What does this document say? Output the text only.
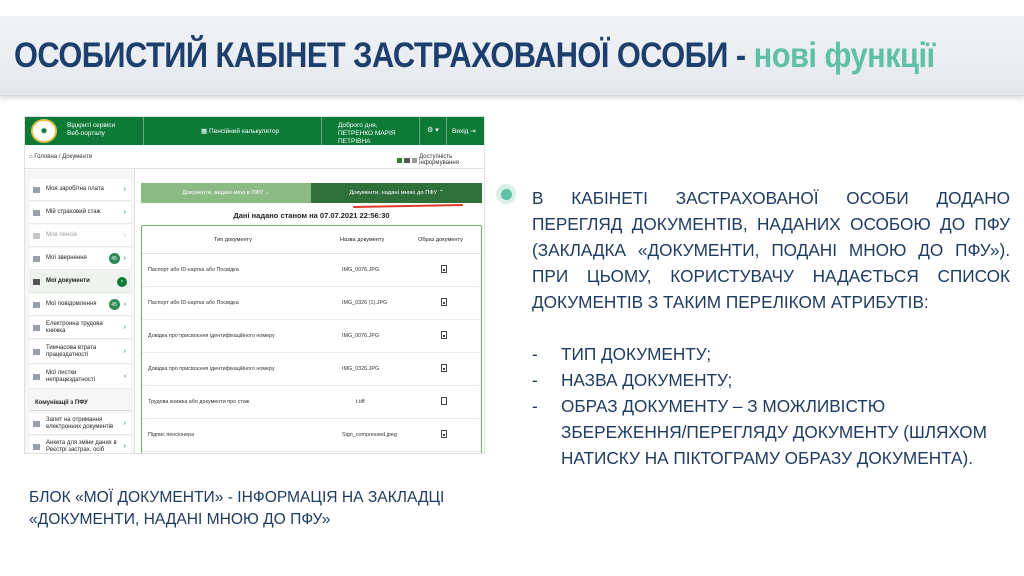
ОСОБИСТИЙ КАБІНЕТ ЗАСТРАХОВАНОЇ ОСОБИ - нові функції
✹	Відкриті сервіси
Веб-порталу	▦ Пенсійний калькулятор
Доброго дня,
ПЕТРЕНКО МАРІЯ ПЕТРІВНА
⚙ ▾ Вихід ⇥
⌂ Головна / Документи	Доступність інформування
Моя заробітна плата	›
Мій страховий стаж	›
Моя пенсія	›
Мої звернення	45 ›
Мої документи	›
Мої повідомлення	45 ›
Електронна трудова книжка	›
Тимчасова втрата працездатності	›
Мої листки непрацездатності	›
Комунікації з ПФУ
Запит на отримання електронних документів	›
Анкета для зміни даних в Реєстрі застрах. осіб	›
Документи, видані мені в ПФУ
⌄	Документи, надані мною до ПФУ
⌃
Дані надано станом на 07.07.2021 22:56:30
Тип документу	Назва документу	Образ документу
Паспорт або ID-картка або Посвідка	IMG_0076.JPG
Паспорт або ID-картка або Посвідка	IMG_0326 (1).JPG
Довідка про присвоєння ідентифікаційного номеру	IMG_0076.JPG
Довідка про присвоєння ідентифікаційного номеру	IMG_0326.JPG
Трудова книжка або документи про стаж	t.tiff
Підпис пенсіонера	Sign_compressed.jpeg

В КАБІНЕТІ ЗАСТРАХОВАНОЇ ОСОБИ ДОДАНО

ПЕРЕГЛЯД ДОКУМЕНТІВ, НАДАНИХ ОСОБОЮ ДО ПФУ

(ЗАКЛАДКА «ДОКУМЕНТИ, ПОДАНІ МНОЮ ДО ПФУ»).

ПРИ ЦЬОМУ, КОРИСТУВАЧУ НАДАЄТЬСЯ СПИСОК

ДОКУМЕНТІВ З ТАКИМ ПЕРЕЛІКОМ АТРИБУТІВ:

- ТИП ДОКУМЕНТУ;
- НАЗВА ДОКУМЕНТУ;
- ОБРАЗ ДОКУМЕНТУ – З МОЖЛИВІСТЮ ЗБЕРЕЖЕННЯ/ПЕРЕГЛЯДУ ДОКУМЕНТУ (ШЛЯХОМ НАТИСКУ НА ПІКТОГРАМУ ОБРАЗУ ДОКУМЕНТА).
БЛОК «МОЇ ДОКУМЕНТИ» - ІНФОРМАЦІЯ НА ЗАКЛАДЦІ
«ДОКУМЕНТИ, НАДАНІ МНОЮ ДО ПФУ»
